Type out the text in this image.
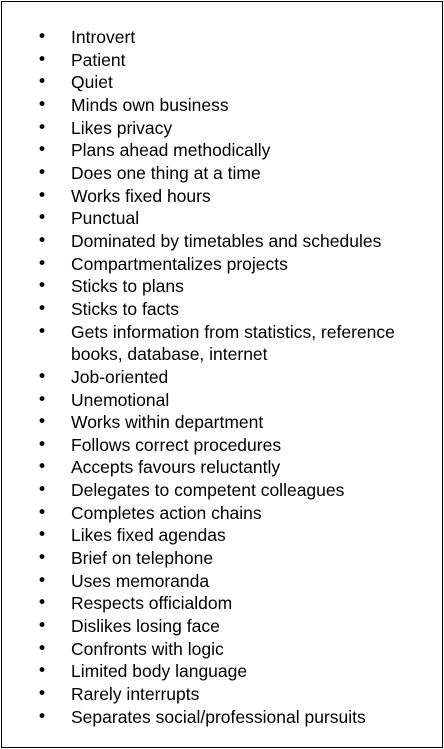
• Introvert
• Patient
• Quiet
• Minds own business
• Likes privacy
• Plans ahead methodically
• Does one thing at a time
• Works fixed hours
• Punctual
• Dominated by timetables and schedules
• Compartmentalizes projects
• Sticks to plans
• Sticks to facts
• Gets information from statistics, reference
books, database, internet
• Job-oriented
• Unemotional
• Works within department
• Follows correct procedures
• Accepts favours reluctantly
• Delegates to competent colleagues
• Completes action chains
• Likes fixed agendas
• Brief on telephone
• Uses memoranda
• Respects officialdom
• Dislikes losing face
• Confronts with logic
• Limited body language
• Rarely interrupts
• Separates social/professional pursuits
